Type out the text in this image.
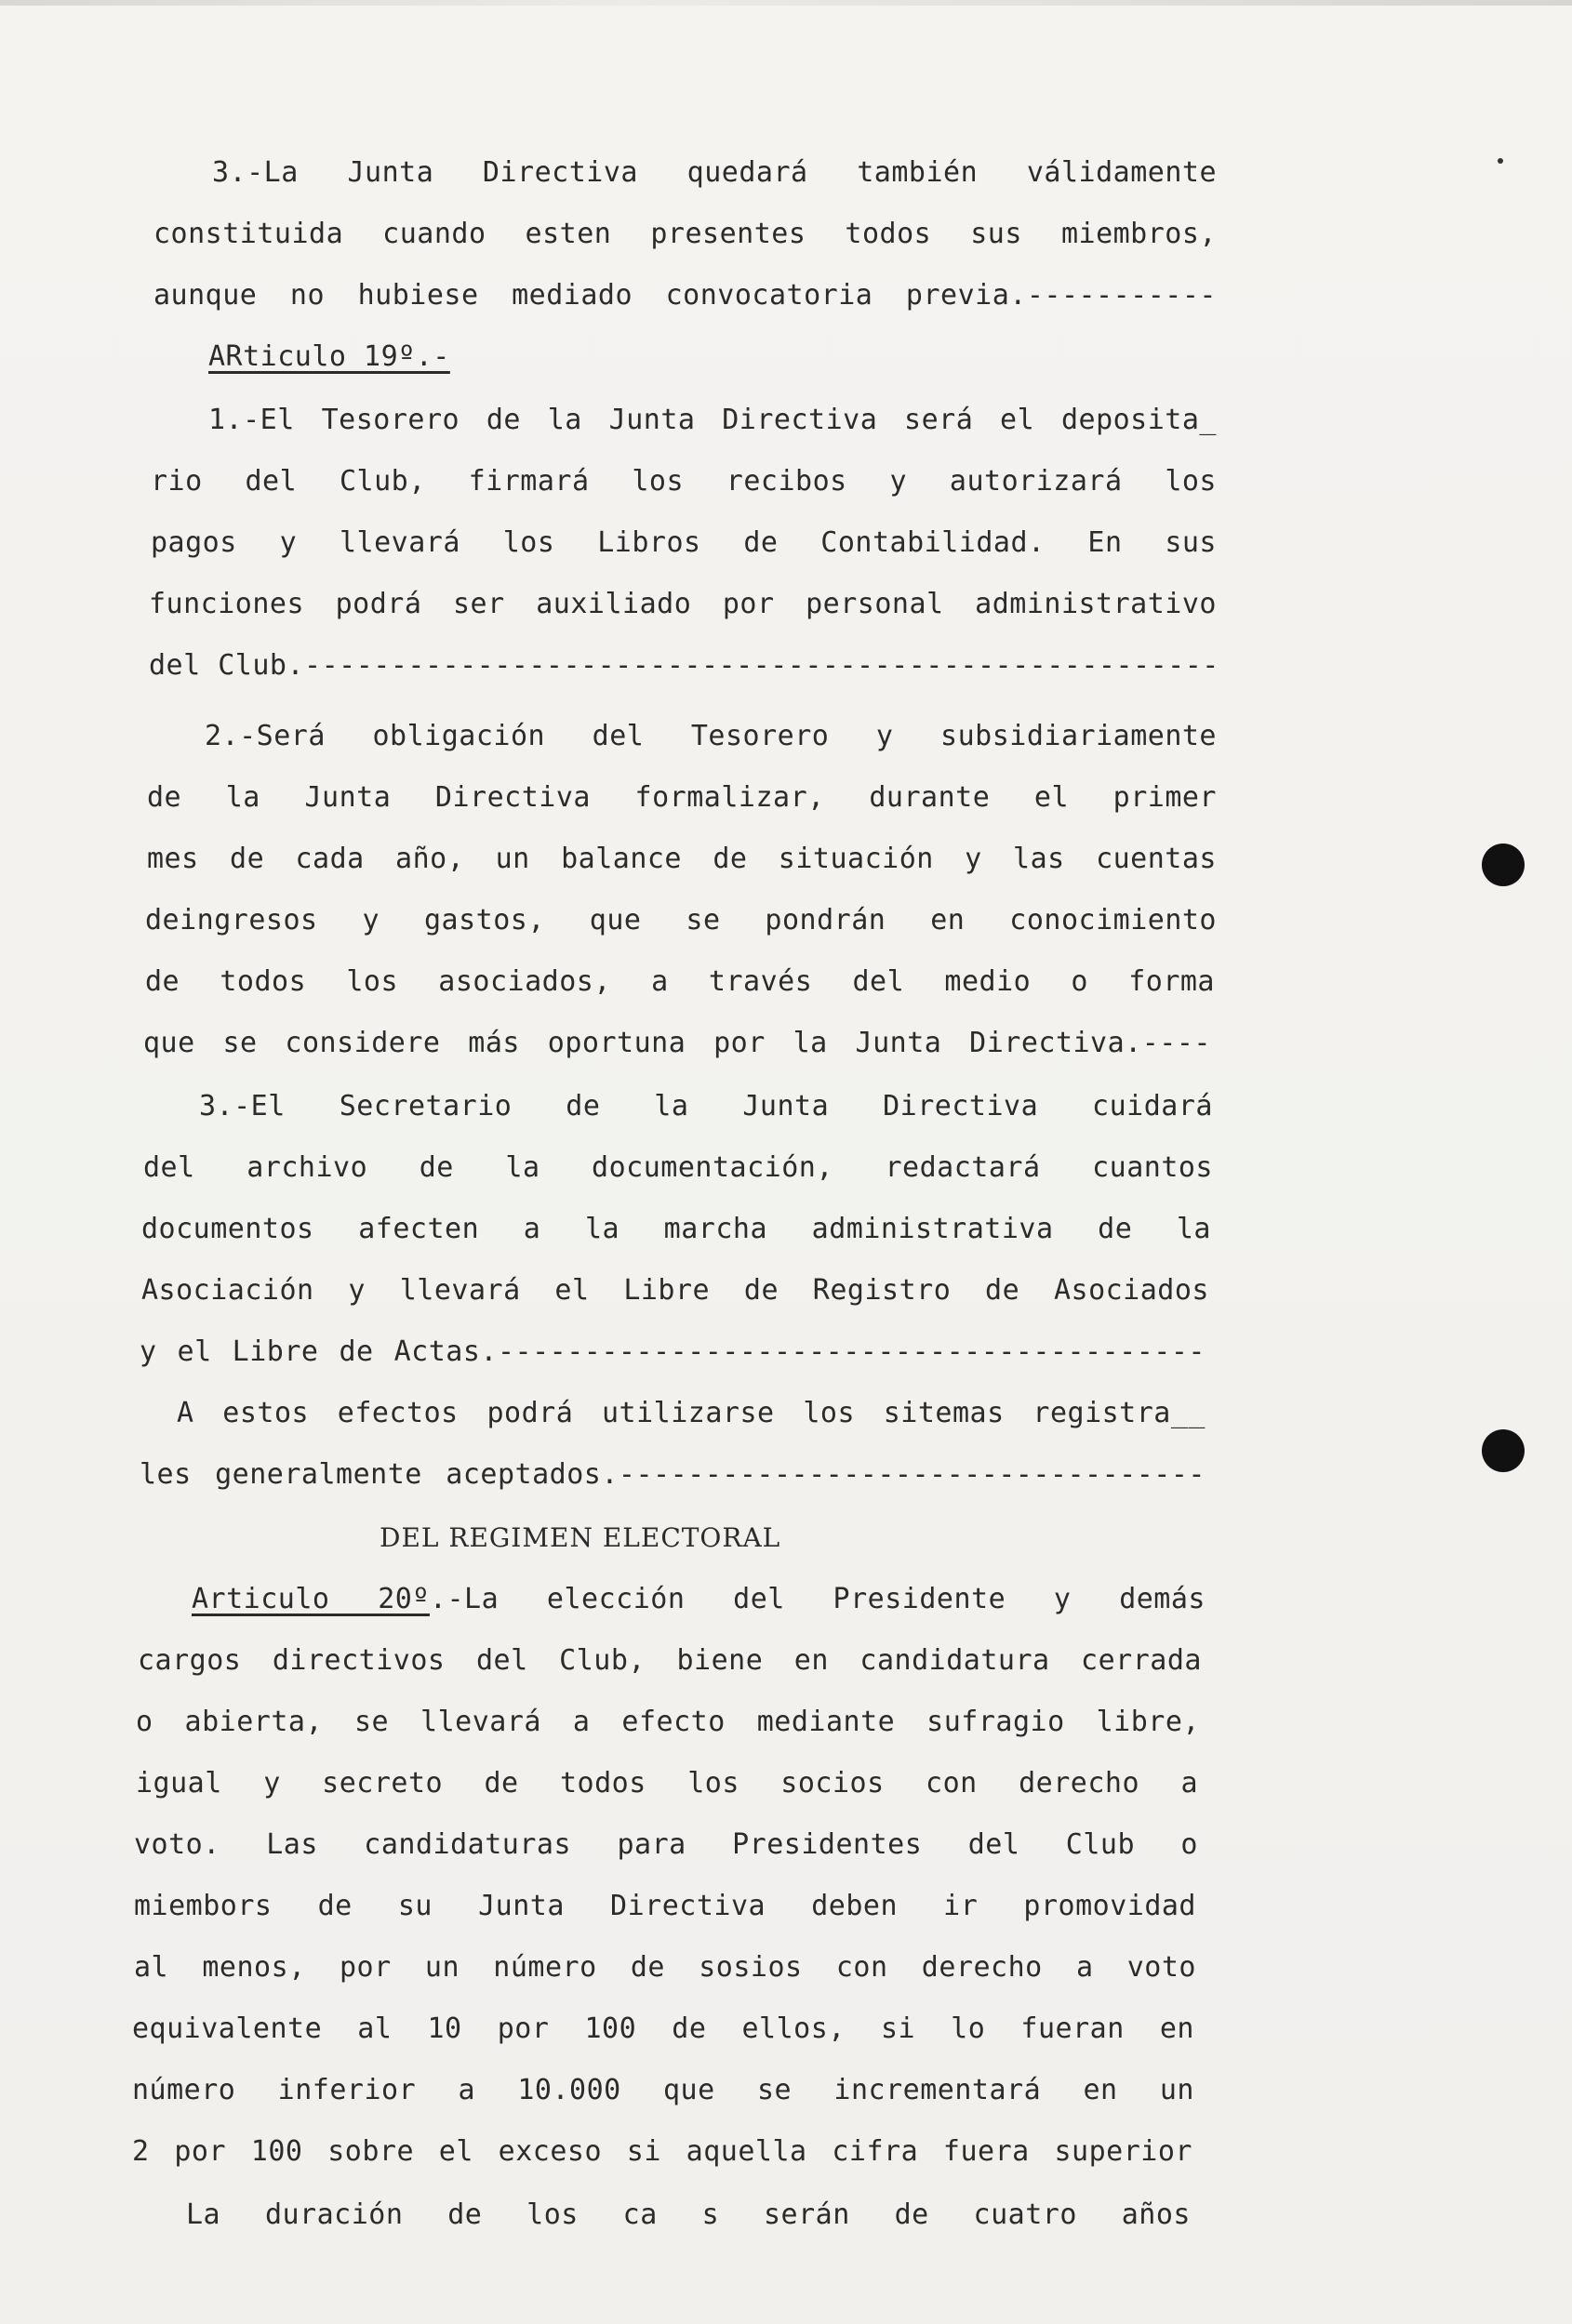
3.-La Junta Directiva quedará también válidamente
constituida cuando esten presentes todos sus miembros,
aunque no hubiese mediado convocatoria previa.-----------
ARticulo 19º.-
1.-El Tesorero de la Junta Directiva será el deposita_
rio del Club, firmará los recibos y autorizará los
pagos y llevará los Libros de Contabilidad. En sus
funciones podrá ser auxiliado por personal administrativo
del Club.-----------------------------------------------------
2.-Será obligación del Tesorero y subsidiariamente
de la Junta Directiva formalizar, durante el primer
mes de cada año, un balance de situación y las cuentas
deingresos y gastos, que se pondrán en conocimiento
de todos los asociados, a través del medio o forma
que se considere más oportuna por la Junta Directiva.----
3.-El Secretario de la Junta Directiva cuidará
del archivo de la documentación, redactará cuantos
documentos afecten a la marcha administrativa de la
Asociación y llevará el Libre de Registro de Asociados
y el Libre de Actas.-----------------------------------------
A estos efectos podrá utilizarse los sitemas registra__
les generalmente aceptados.----------------------------------
DEL REGIMEN ELECTORAL
Articulo 20º.-La elección del Presidente y demás
cargos directivos del Club, biene en candidatura cerrada
o abierta, se llevará a efecto mediante sufragio libre,
igual y secreto de todos los socios con derecho a
voto. Las candidaturas para Presidentes del Club o
miembors de su Junta Directiva deben ir promovidad
al menos, por un número de sosios con derecho a voto
equivalente al 10 por 100 de ellos, si lo fueran en
número inferior a 10.000 que se incrementará en un
2 por 100 sobre el exceso si aquella cifra fuera superior
La duración de los ca s serán de cuatro años
